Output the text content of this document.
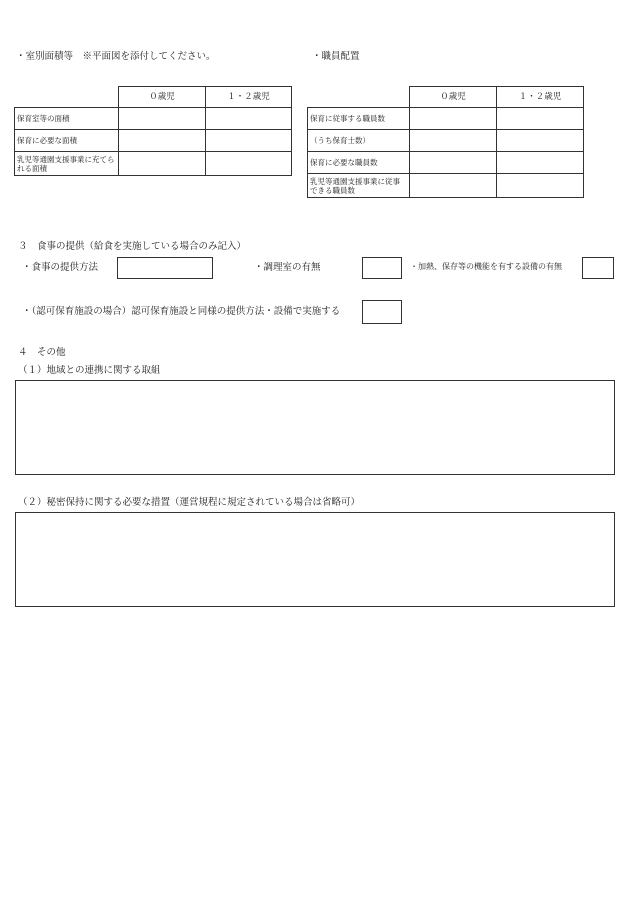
・室別面積等　※平面図を添付してください。	・職員配置
	０歳児	１・２歳児
保育室等の面積		
保育に必要な面積		
乳児等通園支援事業に充てられる面積		
	０歳児	１・２歳児
保育に従事する職員数		
（うち保育士数）		
保育に必要な職員数		
乳児等通園支援事業に従事できる職員数		
３　食事の提供（給食を実施している場合のみ記入）
・食事の提供方法	・調理室の有無	・加熱、保存等の機能を有する設備の有無
・（認可保育施設の場合）認可保育施設と同様の提供方法・設備で実施する
４　その他
（１）地域との連携に関する取組
（２）秘密保持に関する必要な措置（運営規程に規定されている場合は省略可）
